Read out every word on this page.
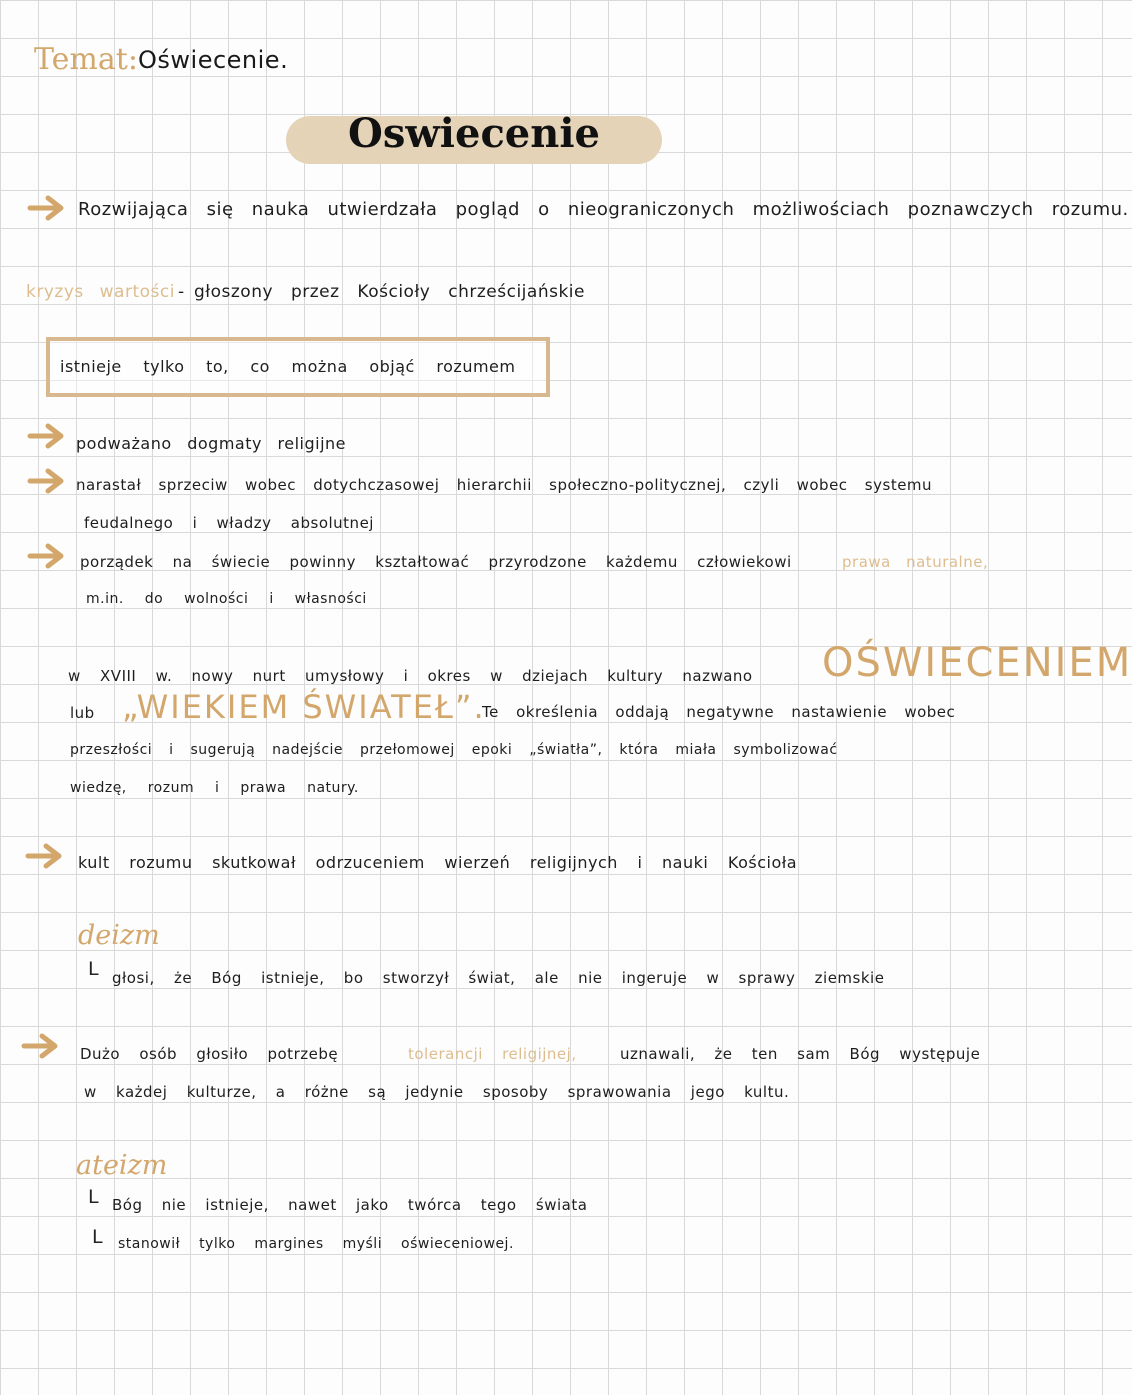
Temat: Oświecenie.
Oswiecenie
Rozwijająca się nauka utwierdzała pogląd o nieograniczonych możliwościach poznawczych rozumu.
kryzys wartości - głoszony przez Kościoły chrześcijańskie
istnieje tylko to, co można objąć rozumem
podważano dogmaty religijne
narastał sprzeciw wobec dotychczasowej hierarchii społeczno-politycznej, czyli wobec systemu
feudalnego i władzy absolutnej
porządek na świecie powinny kształtować przyrodzone każdemu człowiekowi	prawa naturalne,
m.in. do wolności i własności
w XVIII w. nowy nurt umysłowy i okres w dziejach kultury nazwano OŚWIECENIEM
lub „WIEKIEM ŚWIATEŁ”.
Te określenia oddają negatywne nastawienie wobec
przeszłości i sugerują nadejście przełomowej epoki „światła”, która miała symbolizować
wiedzę, rozum i prawa natury.
kult rozumu skutkował odrzuceniem wierzeń religijnych i nauki Kościoła
deizm
L głosi, że Bóg istnieje, bo stworzył świat, ale nie ingeruje w sprawy ziemskie
Dużo osób głosiło potrzebę	tolerancji religijnej,	uznawali, że ten sam Bóg występuje
w każdej kulturze, a różne są jedynie sposoby sprawowania jego kultu.
ateizm
L Bóg nie istnieje, nawet jako twórca tego świata
L stanowił tylko margines myśli oświeceniowej.
